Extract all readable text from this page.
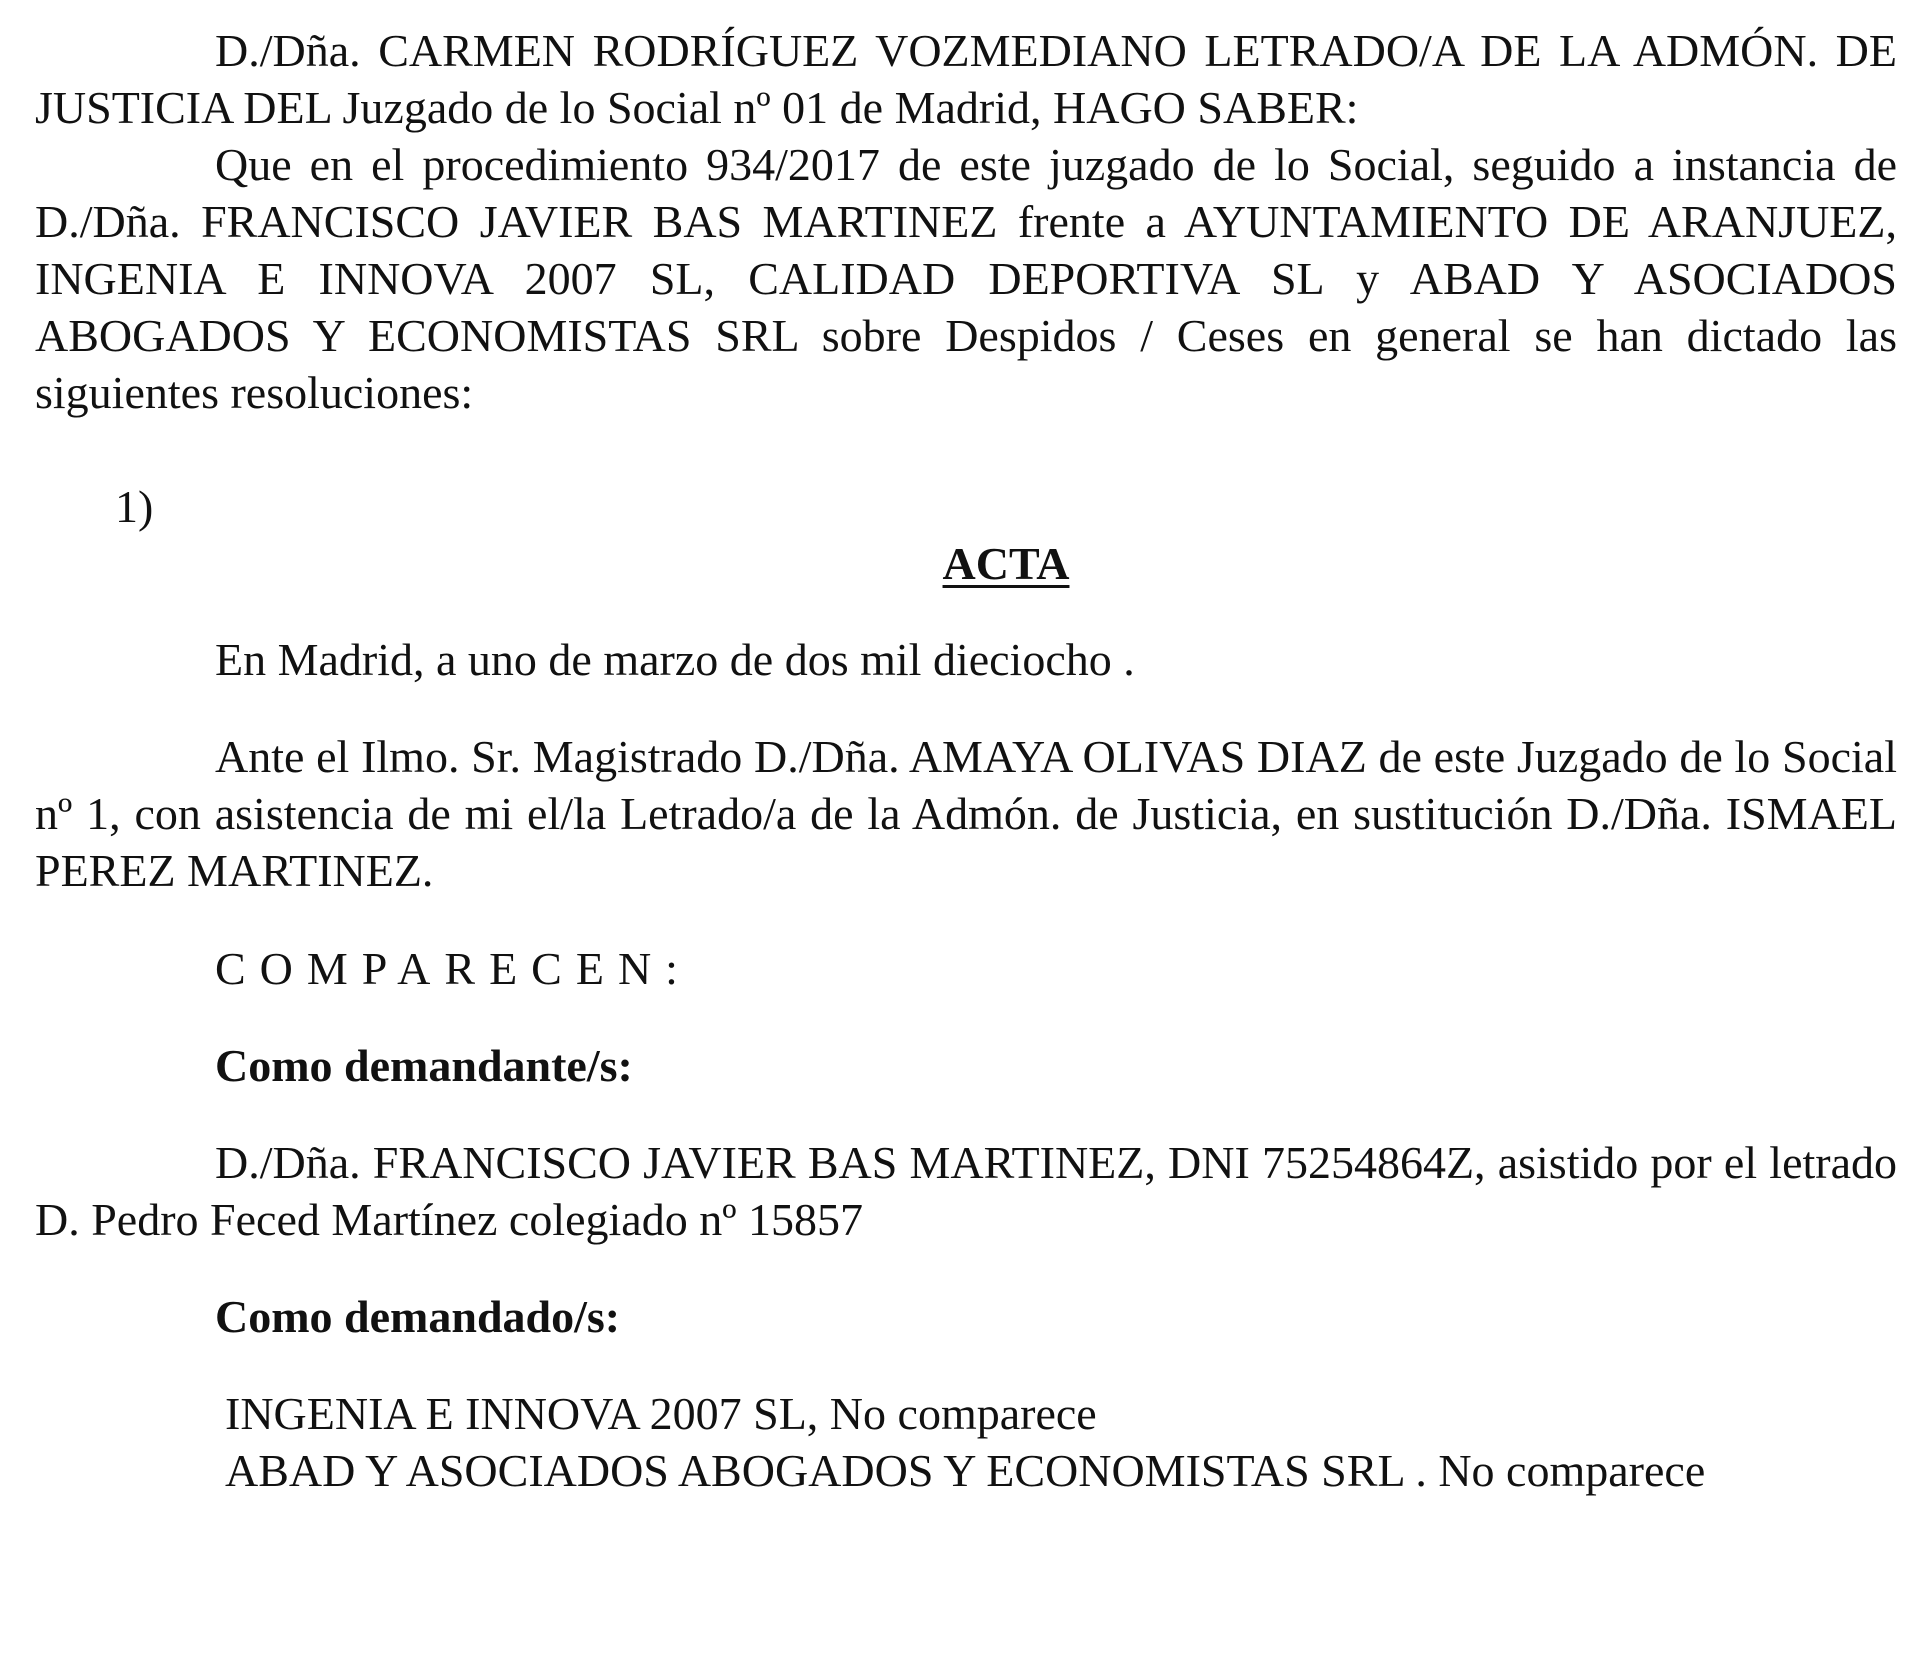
D./Dña. CARMEN RODRÍGUEZ VOZMEDIANO LETRADO/A DE LA ADMÓN. DE JUSTICIA DEL Juzgado de lo Social nº 01 de Madrid, HAGO SABER:

Que en el procedimiento 934/2017 de este juzgado de lo Social, seguido a instancia de D./Dña. FRANCISCO JAVIER BAS MARTINEZ frente a AYUNTAMIENTO DE ARANJUEZ, INGENIA E INNOVA 2007 SL, CALIDAD DEPORTIVA SL y ABAD Y ASOCIADOS ABOGADOS Y ECONOMISTAS SRL sobre Despidos / Ceses en general se han dictado las siguientes resoluciones:

1)

ACTA

En Madrid, a uno de marzo de dos mil dieciocho .

Ante el Ilmo. Sr. Magistrado D./Dña. AMAYA OLIVAS DIAZ de este Juzgado de lo Social nº 1, con asistencia de mi el/la Letrado/a de la Admón. de Justicia, en sustitución D./Dña. ISMAEL PEREZ MARTINEZ.

COMPARECEN:

Como demandante/s:

D./Dña. FRANCISCO JAVIER BAS MARTINEZ, DNI 75254864Z, asistido por el letrado D. Pedro Feced Martínez colegiado nº 15857

Como demandado/s:

INGENIA E INNOVA 2007 SL, No comparece

ABAD Y ASOCIADOS ABOGADOS Y ECONOMISTAS SRL . No comparece
